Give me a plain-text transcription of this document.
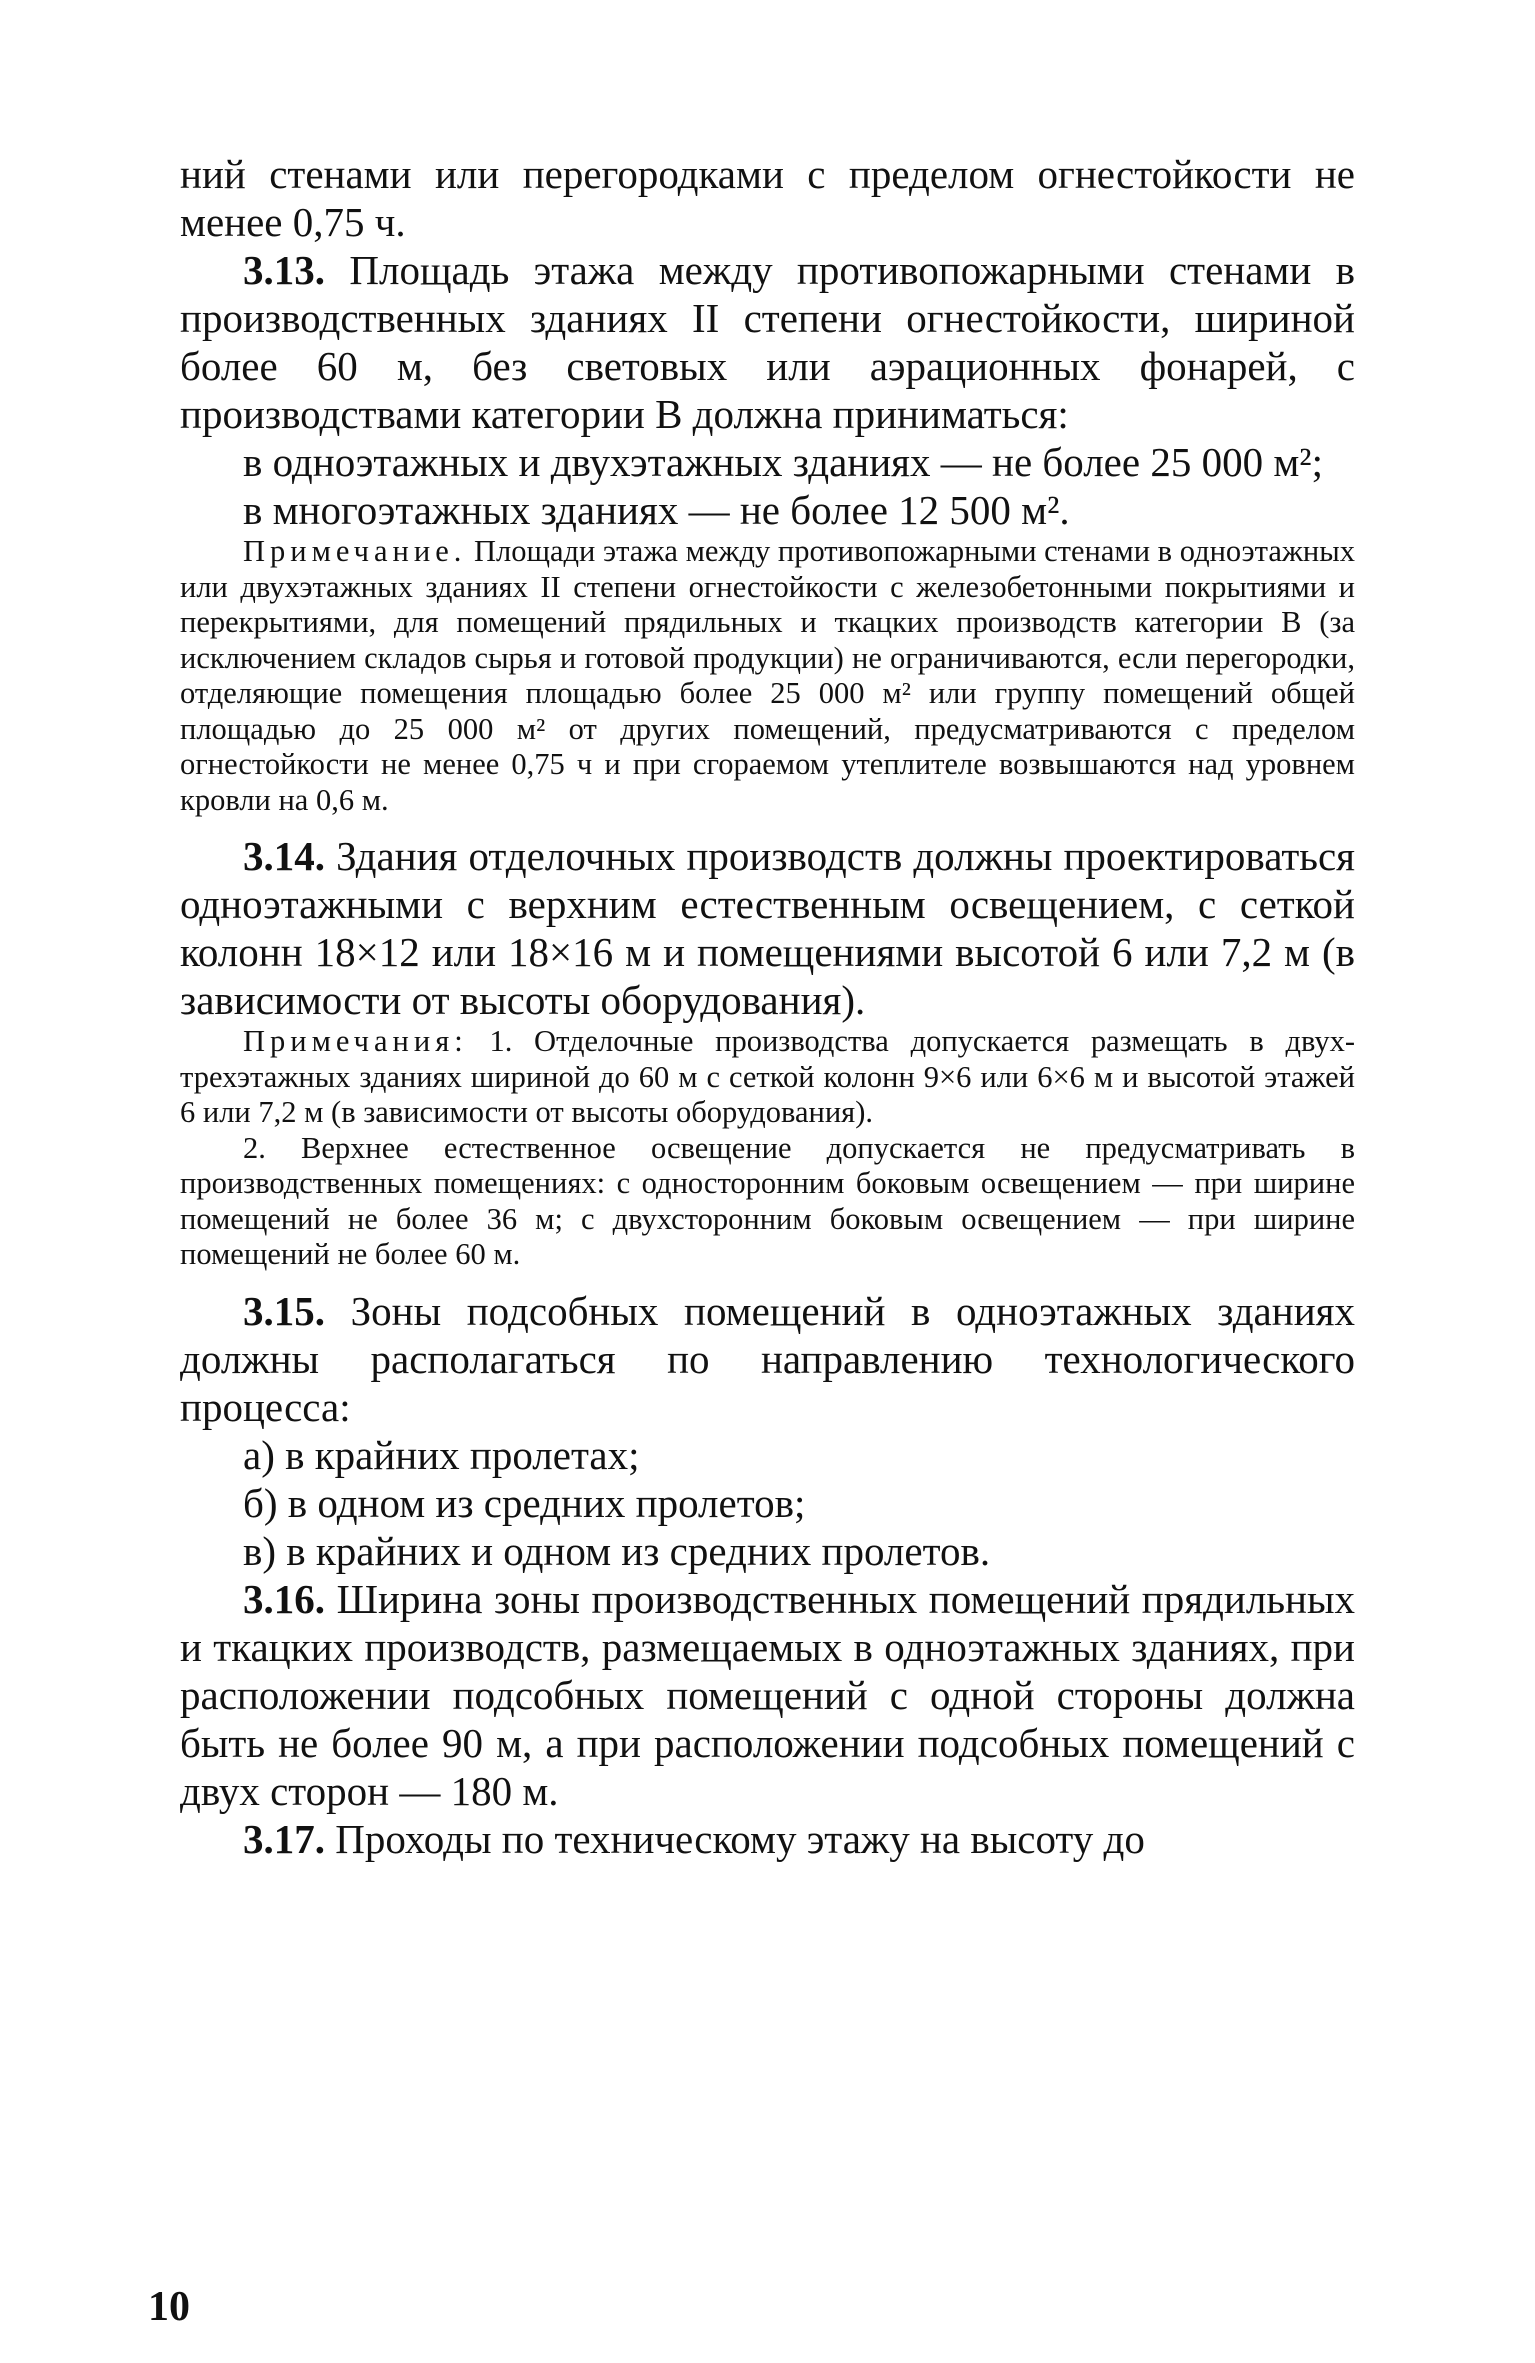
ний стенами или перегородками с пределом огнестойкости не менее 0,75 ч.

3.13. Площадь этажа между противопожарными стенами в производственных зданиях II степени огнестойкости, шириной более 60 м, без световых или аэрационных фонарей, с производствами категории В должна приниматься:

в одноэтажных и двухэтажных зданиях — не более 25 000 м²;

в многоэтажных зданиях — не более 12 500 м².

Примечание. Площади этажа между противопожарными стенами в одноэтажных или двухэтажных зданиях II степени огнестойкости с железобетонными покрытиями и перекрытиями, для помещений прядильных и ткацких производств категории В (за исключением складов сырья и готовой продукции) не ограничиваются, если перегородки, отделяющие помещения площадью более 25 000 м² или группу помещений общей площадью до 25 000 м² от других помещений, предусматриваются с пределом огнестойкости не менее 0,75 ч и при сгораемом утеплителе возвышаются над уровнем кровли на 0,6 м.

3.14. Здания отделочных производств должны проектироваться одноэтажными с верхним естественным освещением, с сеткой колонн 18×12 или 18×16 м и помещениями высотой 6 или 7,2 м (в зависимости от высоты оборудования).

Примечания: 1. Отделочные производства допускается размещать в двух-трехэтажных зданиях шириной до 60 м с сеткой колонн 9×6 или 6×6 м и высотой этажей 6 или 7,2 м (в зависимости от высоты оборудования).

2. Верхнее естественное освещение допускается не предусматривать в производственных помещениях: с односторонним боковым освещением — при ширине помещений не более 36 м; с двухсторонним боковым освещением — при ширине помещений не более 60 м.

3.15. Зоны подсобных помещений в одноэтажных зданиях должны располагаться по направлению технологического процесса:

а) в крайних пролетах;

б) в одном из средних пролетов;

в) в крайних и одном из средних пролетов.

3.16. Ширина зоны производственных помещений прядильных и ткацких производств, размещаемых в одноэтажных зданиях, при расположении подсобных помещений с одной стороны должна быть не более 90 м, а при расположении подсобных помещений с двух сторон — 180 м.

3.17. Проходы по техническому этажу на высоту до

10
